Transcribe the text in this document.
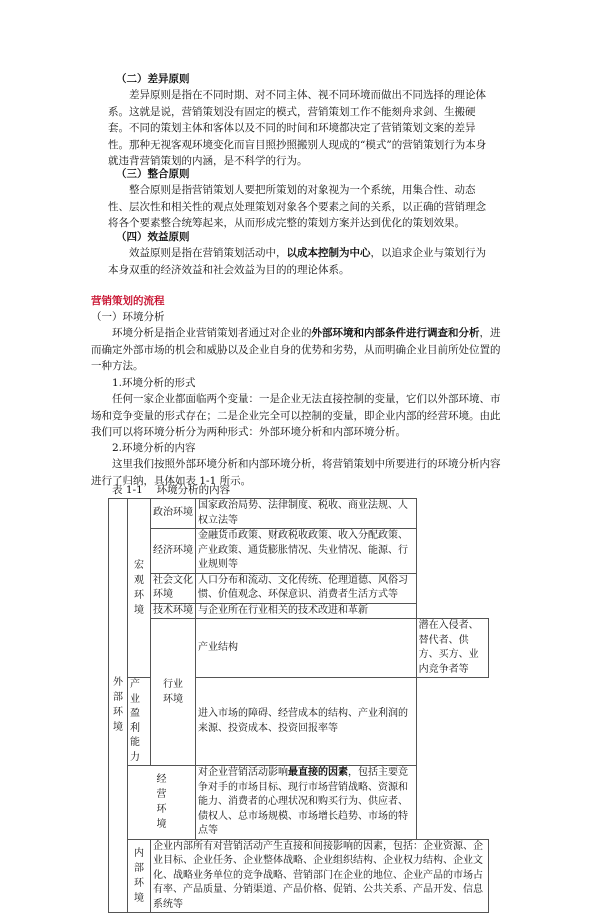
（二）差异原则

差异原则是指在不同时期、对不同主体、视不同环境而做出不同选择的理论体系。这就是说，营销策划没有固定的模式，营销策划工作不能刻舟求剑、生搬硬套。不同的策划主体和客体以及不同的时间和环境都决定了营销策划文案的差异性。那种无视客观环境变化而盲目照抄照搬别人现成的“模式”的营销策划行为本身就违背营销策划的内涵，是不科学的行为。

（三）整合原则

整合原则是指营销策划人要把所策划的对象视为一个系统，用集合性、动态性、层次性和相关性的观点处理策划对象各个要素之间的关系，以正确的营销理念将各个要素整合统筹起来，从而形成完整的策划方案并达到优化的策划效果。

（四）效益原则

效益原则是指在营销策划活动中，以成本控制为中心，以追求企业与策划行为本身双重的经济效益和社会效益为目的的理论体系。

营销策划的流程
（一）环境分析

环境分析是指企业营销策划者通过对企业的外部环境和内部条件进行调查和分析，进而确定外部市场的机会和威胁以及企业自身的优势和劣势，从而明确企业目前所处位置的一种方法。

1.环境分析的形式

任何一家企业都面临两个变量：一是企业无法直接控制的变量，它们以外部环境、市场和竞争变量的形式存在；二是企业完全可以控制的变量，即企业内部的经营环境。由此我们可以将环境分析分为两种形式：外部环境分析和内部环境分析。

2.环境分析的内容

这里我们按照外部环境分析和内部环境分析，将营销策划中所要进行的环境分析内容进行了归纳，具体如表 1-1 所示。

表 1-1　 环境分析的内容
外部环境	宏观环境	政治环境	国家政治局势、法律制度、税收、商业法规、人权立法等	
		经济环境	金融货币政策、财政税收政策、收入分配政策、产业政策、通货膨胀情况、失业情况、能源、行业规则等	
		社会文化环境	人口分布和流动、文化传统、伦理道德、风俗习惯、价值观念、环保意识、消费者生活方式等	
		技术环境	与企业所在行业相关的技术改进和革新	
		行业环境	产业结构	潜在入侵者、替代者、供方、买方、业内竞争者等
	产业盈利能力		进入市场的障碍、经营成本的结构、产业利润的来源、投资成本、投资回报率等	
	经营环境		对企业营销活动影响最直接的因素，包括主要竞争对手的市场目标、现行市场营销战略、资源和能力、消费者的心理状况和购买行为、供应者、债权人、总市场规模、市场增长趋势、市场的特点等	
	内部环境	企业内部所有对营销活动产生直接和间接影响的因素，包括：企业资源、企业目标、企业任务、企业整体战略、企业组织结构、企业权力结构、企业文化、战略业务单位的竞争战略、营销部门在企业的地位、企业产品的市场占有率、产品质量、分销渠道、产品价格、促销、公共关系、产品开发、信息系统等		
